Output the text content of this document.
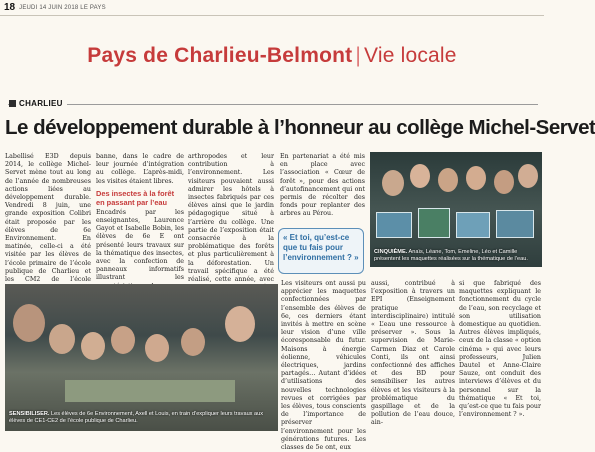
18 JEUDI 14 JUIN 2018 LE PAYS
Pays de Charlieu-Belmont | Vie locale
CHARLIEU
Le développement durable à l’honneur au collège Michel-Servet

Labellisé E3D depuis 2014, le collège Michel-Servet mène tout au long de l’année de nombreuses actions liées au développement durable. Vendredi 8 juin, une grande exposition Colibri était proposée par les élèves de 6e Environnement. En matinée, celle-ci a été visitée par les élèves de l’école primaire de l’école publique de Charlieu et les CM2 de l’école

banne, dans le cadre de leur journée d’intégration au collège. L’après-midi, les visites étaient libres.

Des insectes à la forêt en passant par l’eau

Encadrés par les enseignantes, Laurence Gayot et Isabelle Bobin, les élèves de 6e E ont présenté leurs travaux sur la thématique des insectes, avec la confection de panneaux informatifs illustrant les

arthropodes et leur contribution à l’environnement. Les visiteurs pouvaient aussi admirer les hôtels à insectes fabriqués par ces élèves ainsi que le jardin pédagogique situé à l’arrière du collège. Une partie de l’exposition était consacrée à la problématique des forêts et plus particulièrement à la déforestation. Un travail spécifique a été réalisé, cette année, avec

En partenariat a été mis en place avec l’association « Cœur de forêt », pour des actions d’autofinancement qui ont permis de récolter des fonds pour replanter des arbres au Pérou.

« Et toi, qu’est-ce que tu fais pour l’environnement ? »
CINQUIÈME. Anaïs, Léane, Tom, Emeline, Léo et Camille présentent les maquettes réalisées sur la thématique de l’eau.
SENSIBILISER. Les élèves de 6e Environnement, Axell et Louis, en train d’expliquer leurs travaux aux élèves de CE1-CE2 de l’école publique de Charlieu.

Les visiteurs ont aussi pu apprécier les maquettes confectionnées par l’ensemble des élèves de 6e, ces derniers étant invités à mettre en scène leur vision d’une ville écoresponsable du futur. Maisons à énergie éolienne, véhicules électriques, jardins partagés… Autant d’idées d’utilisations des nouvelles technologies revues et corrigées par les élèves, tous conscients de l’importance de préserver l’environnement pour les générations futures. Les classes de 5e ont, eux

aussi, contribué à l’exposition à travers un EPI (Enseignement pratique interdisciplinaire) intitulé « L’eau une ressource à préserver ». Sous la supervision de Marie-Carmen Diaz et Carole Conti, ils ont ainsi confectionné des affiches et des BD pour sensibiliser les autres élèves et les visiteurs à la problématique du gaspillage et de la pollution de l’eau douce, ain-

si que fabriqué des maquettes expliquant le fonctionnement du cycle de l’eau, son recyclage et son utilisation domestique au quotidien. Autres élèves impliqués, ceux de la classe « option cinéma » qui avec leurs professeurs, Julien Dautel et Anne-Claire Sauze, ont conduit des interviews d’élèves et du personnel sur la thématique « Et toi, qu’est-ce que tu fais pour l’environnement ? ».
